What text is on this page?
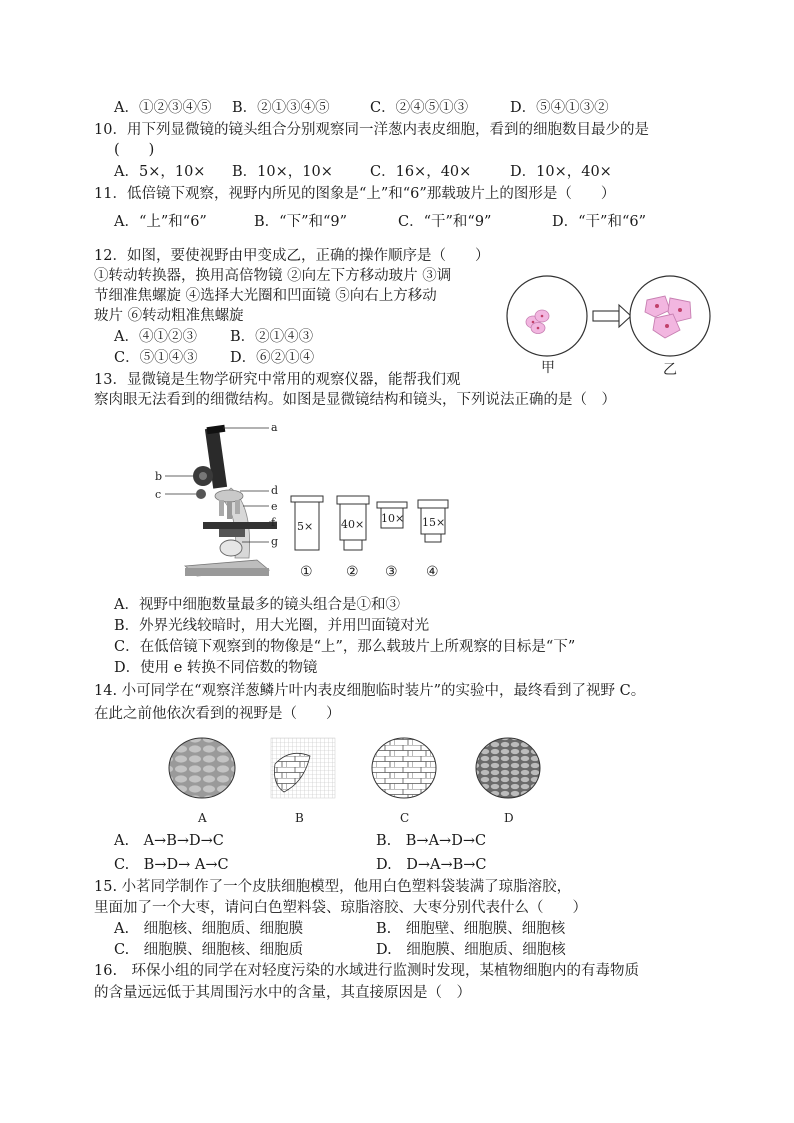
A．①②③④⑤ B．②①③④⑤	C．②④⑤①③	D．⑤④①③②
10．用下列显微镜的镜头组合分别观察同一洋葱内表皮细胞，看到的细胞数目最少的是
(　　)
A．5×，10× B．10×，10×	C．16×，40×	D．10×，40×
11．低倍镜下观察，视野内所见的图象是“上”和“6”那载玻片上的图形是（　　）
A．“上”和“6”	B．“下”和“9”	C．“干”和“9”	D．“干”和“6”
12．如图，要使视野由甲变成乙，正确的操作顺序是（　　）
①转动转换器，换用高倍物镜 ②向左下方移动玻片 ③调
节细准焦螺旋 ④选择大光圈和凹面镜 ⑤向右上方移动
玻片 ⑥转动粗准焦螺旋
A．④①②③ B．②①④③
C．⑤①④③ D．⑥②①④
甲	乙
13．显微镜是生物学研究中常用的观察仪器，能帮我们观
察肉眼无法看到的细微结构。如图是显微镜结构和镜头，下列说法正确的是（　）
a
b
c	d
e
f
g
5×	40× 10× 15×
① ② ③ ④
A．视野中细胞数量最多的镜头组合是①和③
B．外界光线较暗时，用大光圈，并用凹面镜对光
C．在低倍镜下观察到的物像是“上”，那么载玻片上所观察的目标是“下”
D．使用 e 转换不同倍数的物镜
14. 小可同学在“观察洋葱鳞片叶内表皮细胞临时装片”的实验中，最终看到了视野 C。
在此之前他依次看到的视野是（　　）
A	B	C	D
A.　A→B→D→C	B.　B→A→D→C
C.　B→D→ A→C	D.　D→A→B→C
15. 小茗同学制作了一个皮肤细胞模型，他用白色塑料袋装满了琼脂溶胶，
里面加了一个大枣，请问白色塑料袋、琼脂溶胶、大枣分别代表什么（　　）
A.　细胞核、细胞质、细胞膜	B.　细胞壁、细胞膜、细胞核
C.　细胞膜、细胞核、细胞质	D.　细胞膜、细胞质、细胞核
16.　环保小组的同学在对轻度污染的水域进行监测时发现，某植物细胞内的有毒物质
的含量远远低于其周围污水中的含量，其直接原因是（　）
